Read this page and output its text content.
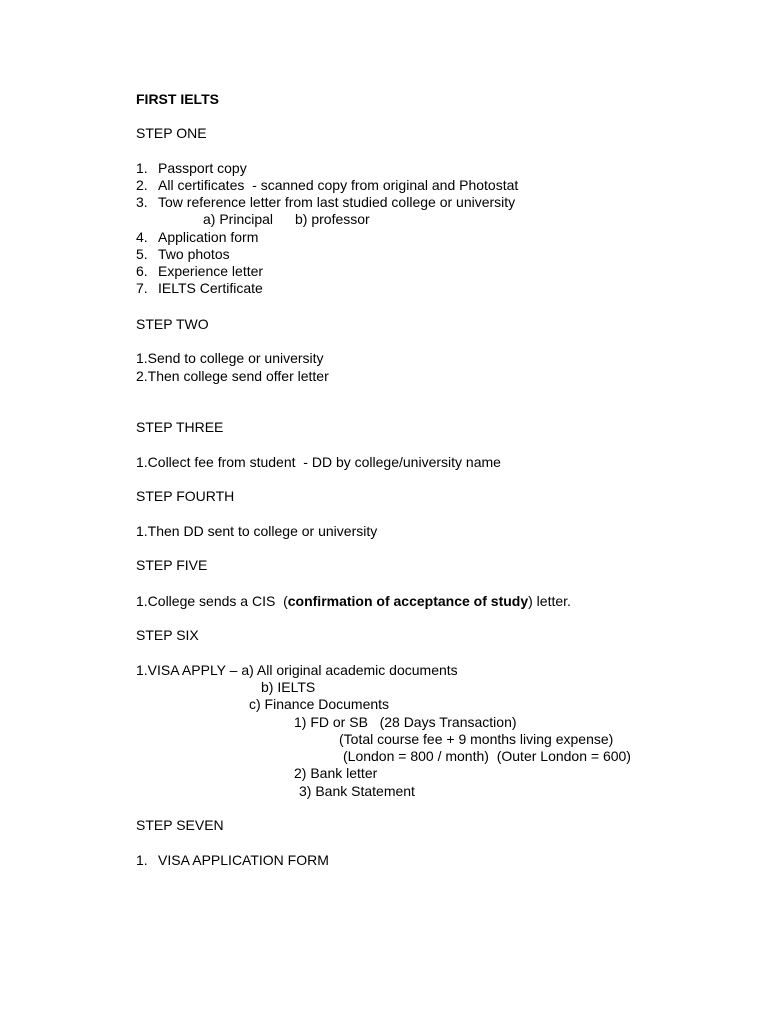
FIRST IELTS
STEP ONE
1. Passport copy
2. All certificates  - scanned copy from original and Photostat
3. Tow reference letter from last studied college or university
a) Principal b) professor
4. Application form
5. Two photos
6. Experience letter
7. IELTS Certificate
STEP TWO
1.Send to college or university
2.Then college send offer letter
STEP THREE
1.Collect fee from student  - DD by college/university name
STEP FOURTH
1.Then DD sent to college or university
STEP FIVE
1.College sends a CIS  (confirmation of acceptance of study) letter.
STEP SIX
1.VISA APPLY – a) All original academic documents
b) IELTS
c) Finance Documents
1) FD or SB   (28 Days Transaction)
(Total course fee + 9 months living expense)
(London = 800 / month)  (Outer London = 600)
2) Bank letter
3) Bank Statement
STEP SEVEN
1. VISA APPLICATION FORM
